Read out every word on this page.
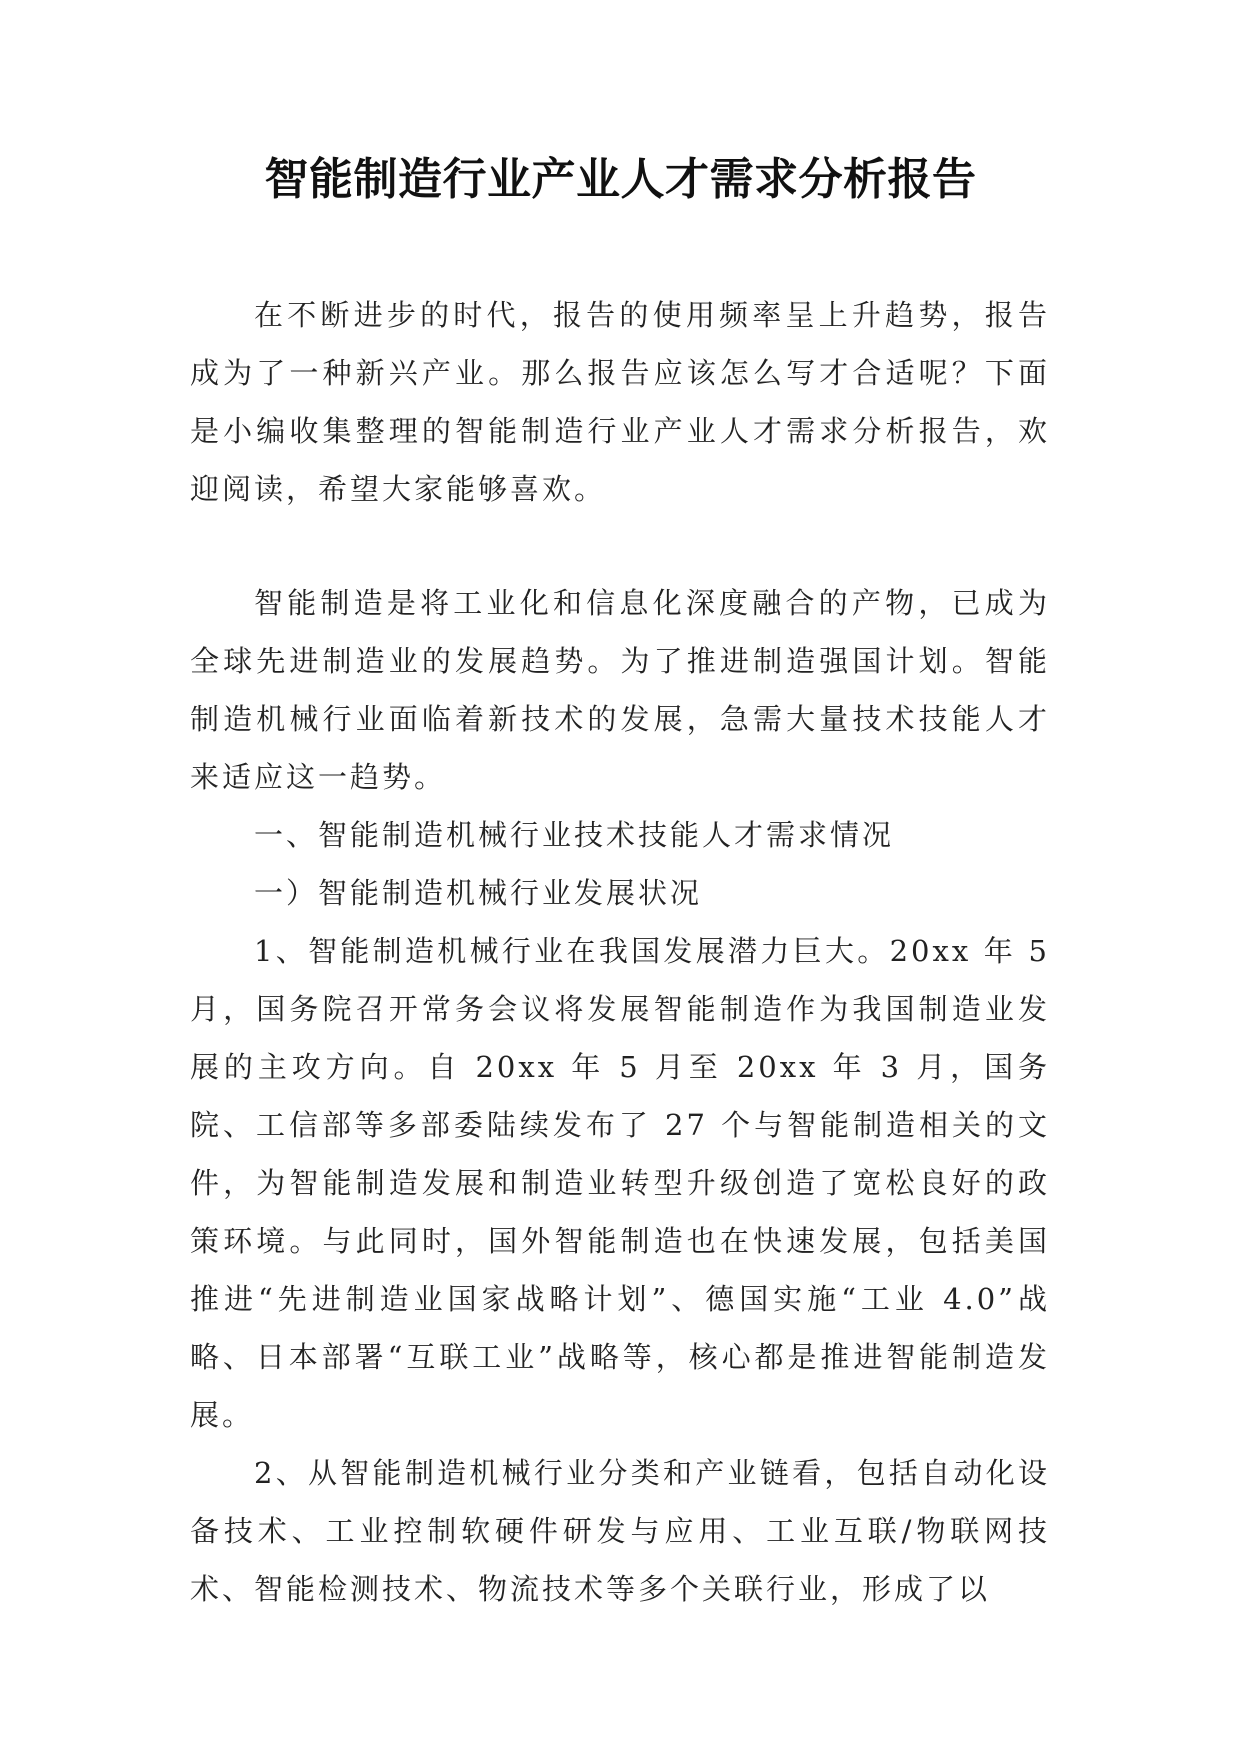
智能制造行业产业人才需求分析报告

在不断进步的时代，报告的使用频率呈上升趋势，报告成为了一种新兴产业。那么报告应该怎么写才合适呢？下面是小编收集整理的智能制造行业产业人才需求分析报告，欢迎阅读，希望大家能够喜欢。

智能制造是将工业化和信息化深度融合的产物，已成为全球先进制造业的发展趋势。为了推进制造强国计划。智能制造机械行业面临着新技术的发展，急需大量技术技能人才来适应这一趋势。

一、智能制造机械行业技术技能人才需求情况

一）智能制造机械行业发展状况

1、智能制造机械行业在我国发展潜力巨大。20xx 年 5 月，国务院召开常务会议将发展智能制造作为我国制造业发展的主攻方向。自 20xx 年 5 月至 20xx 年 3 月，国务院、工信部等多部委陆续发布了 27 个与智能制造相关的文件，为智能制造发展和制造业转型升级创造了宽松良好的政策环境。与此同时，国外智能制造也在快速发展，包括美国推进“先进制造业国家战略计划”、德国实施“工业 4.0”战略、日本部署“互联工业”战略等，核心都是推进智能制造发展。

2、从智能制造机械行业分类和产业链看，包括自动化设备技术、工业控制软硬件研发与应用、工业互联/物联网技术、智能检测技术、物流技术等多个关联行业，形成了以
